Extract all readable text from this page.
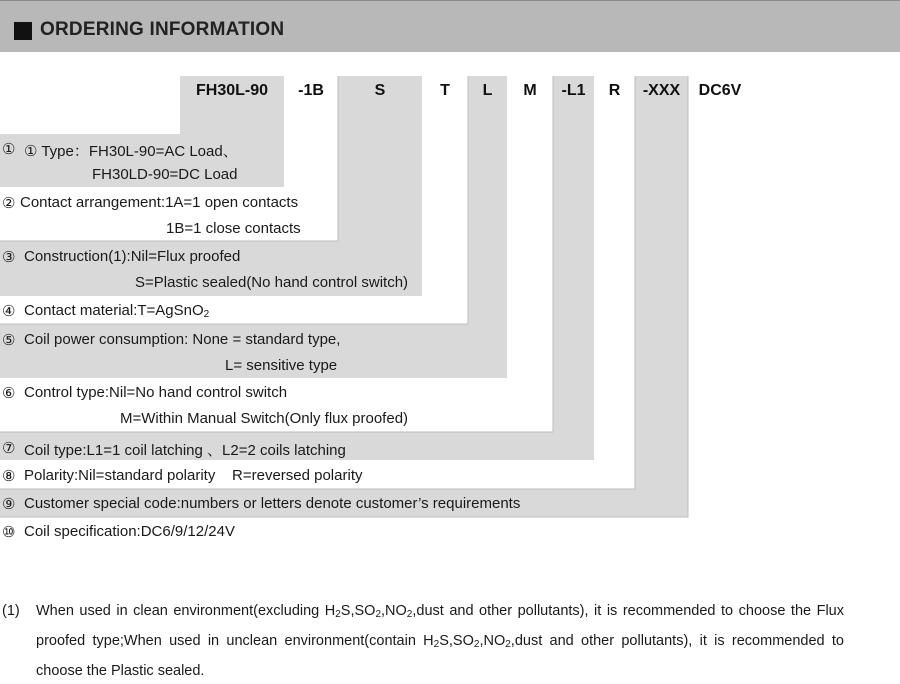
ORDERING INFORMATION
FH30L-90	-1B	S	T	L	M	-L1	R	-XXX	DC6V
① ① Type：FH30L-90=AC Load、
FH30LD-90=DC Load
② Contact arrangement:1A=1 open contacts
1B=1 close contacts
③ Construction(1):Nil=Flux proofed
S=Plastic sealed(No hand control switch)
④ Contact material:T=AgSnO$_2$
⑤ Coil power consumption: None = standard type,
L= sensitive type
⑥ Control type:Nil=No hand control switch
M=Within Manual Switch(Only flux proofed)
⑦ Coil type:L1=1 coil latching 、L2=2 coils latching
⑧ Polarity:Nil=standard polarity    R=reversed polarity
⑨ Customer special code:numbers or letters denote customer’s requirements
⑩ Coil specification:DC6/9/12/24V
(1) When used in clean environment(excluding $H_2S,SO_2,NO_2,dust$ and other pollutants), it is recommended to choose the Flux proofed type;When used in unclean environment(contain $H_2S,SO_2,NO_2,dust$ and other pollutants), it is recommended to choose the Plastic sealed.
